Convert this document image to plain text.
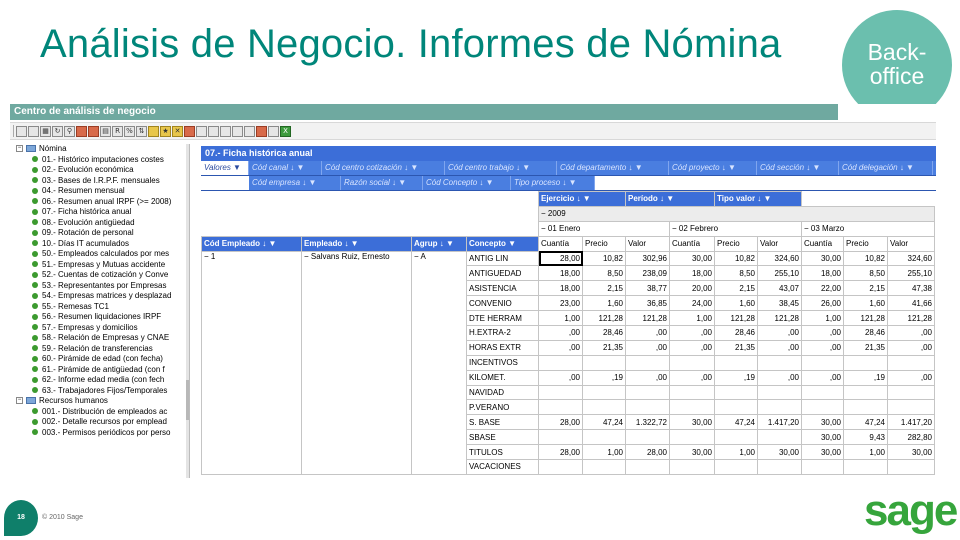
Análisis de Negocio. Informes de Nómina	Back-
office
Centro de análisis de negocio
▦ ↻ ⚲	▤ R % ⇅	★ ✕	X
− Nómina
01.- Histórico imputaciones costes
02.- Evolución económica
03.- Bases de I.R.P.F. mensuales
04.- Resumen mensual
06.- Resumen anual IRPF (>= 2008)
07.- Ficha histórica anual
08.- Evolución antigüedad
09.- Rotación de personal
10.- Días IT acumulados
50.- Empleados calculados por mes
51.- Empresas y Mutuas accidente
52.- Cuentas de cotización y Conve
53.- Representantes por Empresas
54.- Empresas matrices y desplazad
55.- Remesas TC1
56.- Resumen liquidaciones IRPF
57.- Empresas y domicilios
58.- Relación de Empresas y CNAE
59.- Relación de transferencias
60.- Pirámide de edad (con fecha)
61.- Pirámide de antigüedad (con f
62.- Informe edad media (con fech
63.- Trabajadores Fijos/Temporales
− Recursos humanos
001.- Distribución de empleados ac
002.- Detalle recursos por emplead
003.- Permisos periódicos por perso
07.- Ficha histórica anual
Valores ▼	Cód canal ↓ ▼	Cód centro cotización ↓ ▼	Cód centro trabajo ↓ ▼	Cód departamento ↓ ▼	Cód proyecto ↓ ▼	Cód sección ↓ ▼	Cód delegación ↓ ▼
Cód empresa ↓ ▼	Razón social ↓ ▼	Cód Concepto ↓ ▼	Tipo proceso ↓ ▼
				Ejercicio ↓ ▼		Período ↓ ▼		Tipo valor ↓ ▼				
				− 2009								
				− 01 Enero			− 02 Febrero			− 03 Marzo		
Cód Empleado ↓ ▼	Empleado ↓ ▼	Agrup ↓ ▼	Concepto ▼	Cuantía	Precio	Valor	Cuantía	Precio	Valor	Cuantía	Precio	Valor
− 1	− Salvans Ruiz, Ernesto	− A	ANTIG LIN	28,00	10,82	302,96	30,00	10,82	324,60	30,00	10,82	324,60
			ANTIGUEDAD	18,00	8,50	238,09	18,00	8,50	255,10	18,00	8,50	255,10
			ASISTENCIA	18,00	2,15	38,77	20,00	2,15	43,07	22,00	2,15	47,38
			CONVENIO	23,00	1,60	36,85	24,00	1,60	38,45	26,00	1,60	41,66
			DTE HERRAM	1,00	121,28	121,28	1,00	121,28	121,28	1,00	121,28	121,28
			H.EXTRA-2	,00	28,46	,00	,00	28,46	,00	,00	28,46	,00
			HORAS EXTR	,00	21,35	,00	,00	21,35	,00	,00	21,35	,00
			INCENTIVOS									
			KILOMET.	,00	,19	,00	,00	,19	,00	,00	,19	,00
			NAVIDAD									
			P.VERANO									
			S. BASE	28,00	47,24	1.322,72	30,00	47,24	1.417,20	30,00	47,24	1.417,20
			SBASE							30,00	9,43	282,80
			TITULOS	28,00	1,00	28,00	30,00	1,00	30,00	30,00	1,00	30,00
			VACACIONES									
18	© 2010 Sage	sage
